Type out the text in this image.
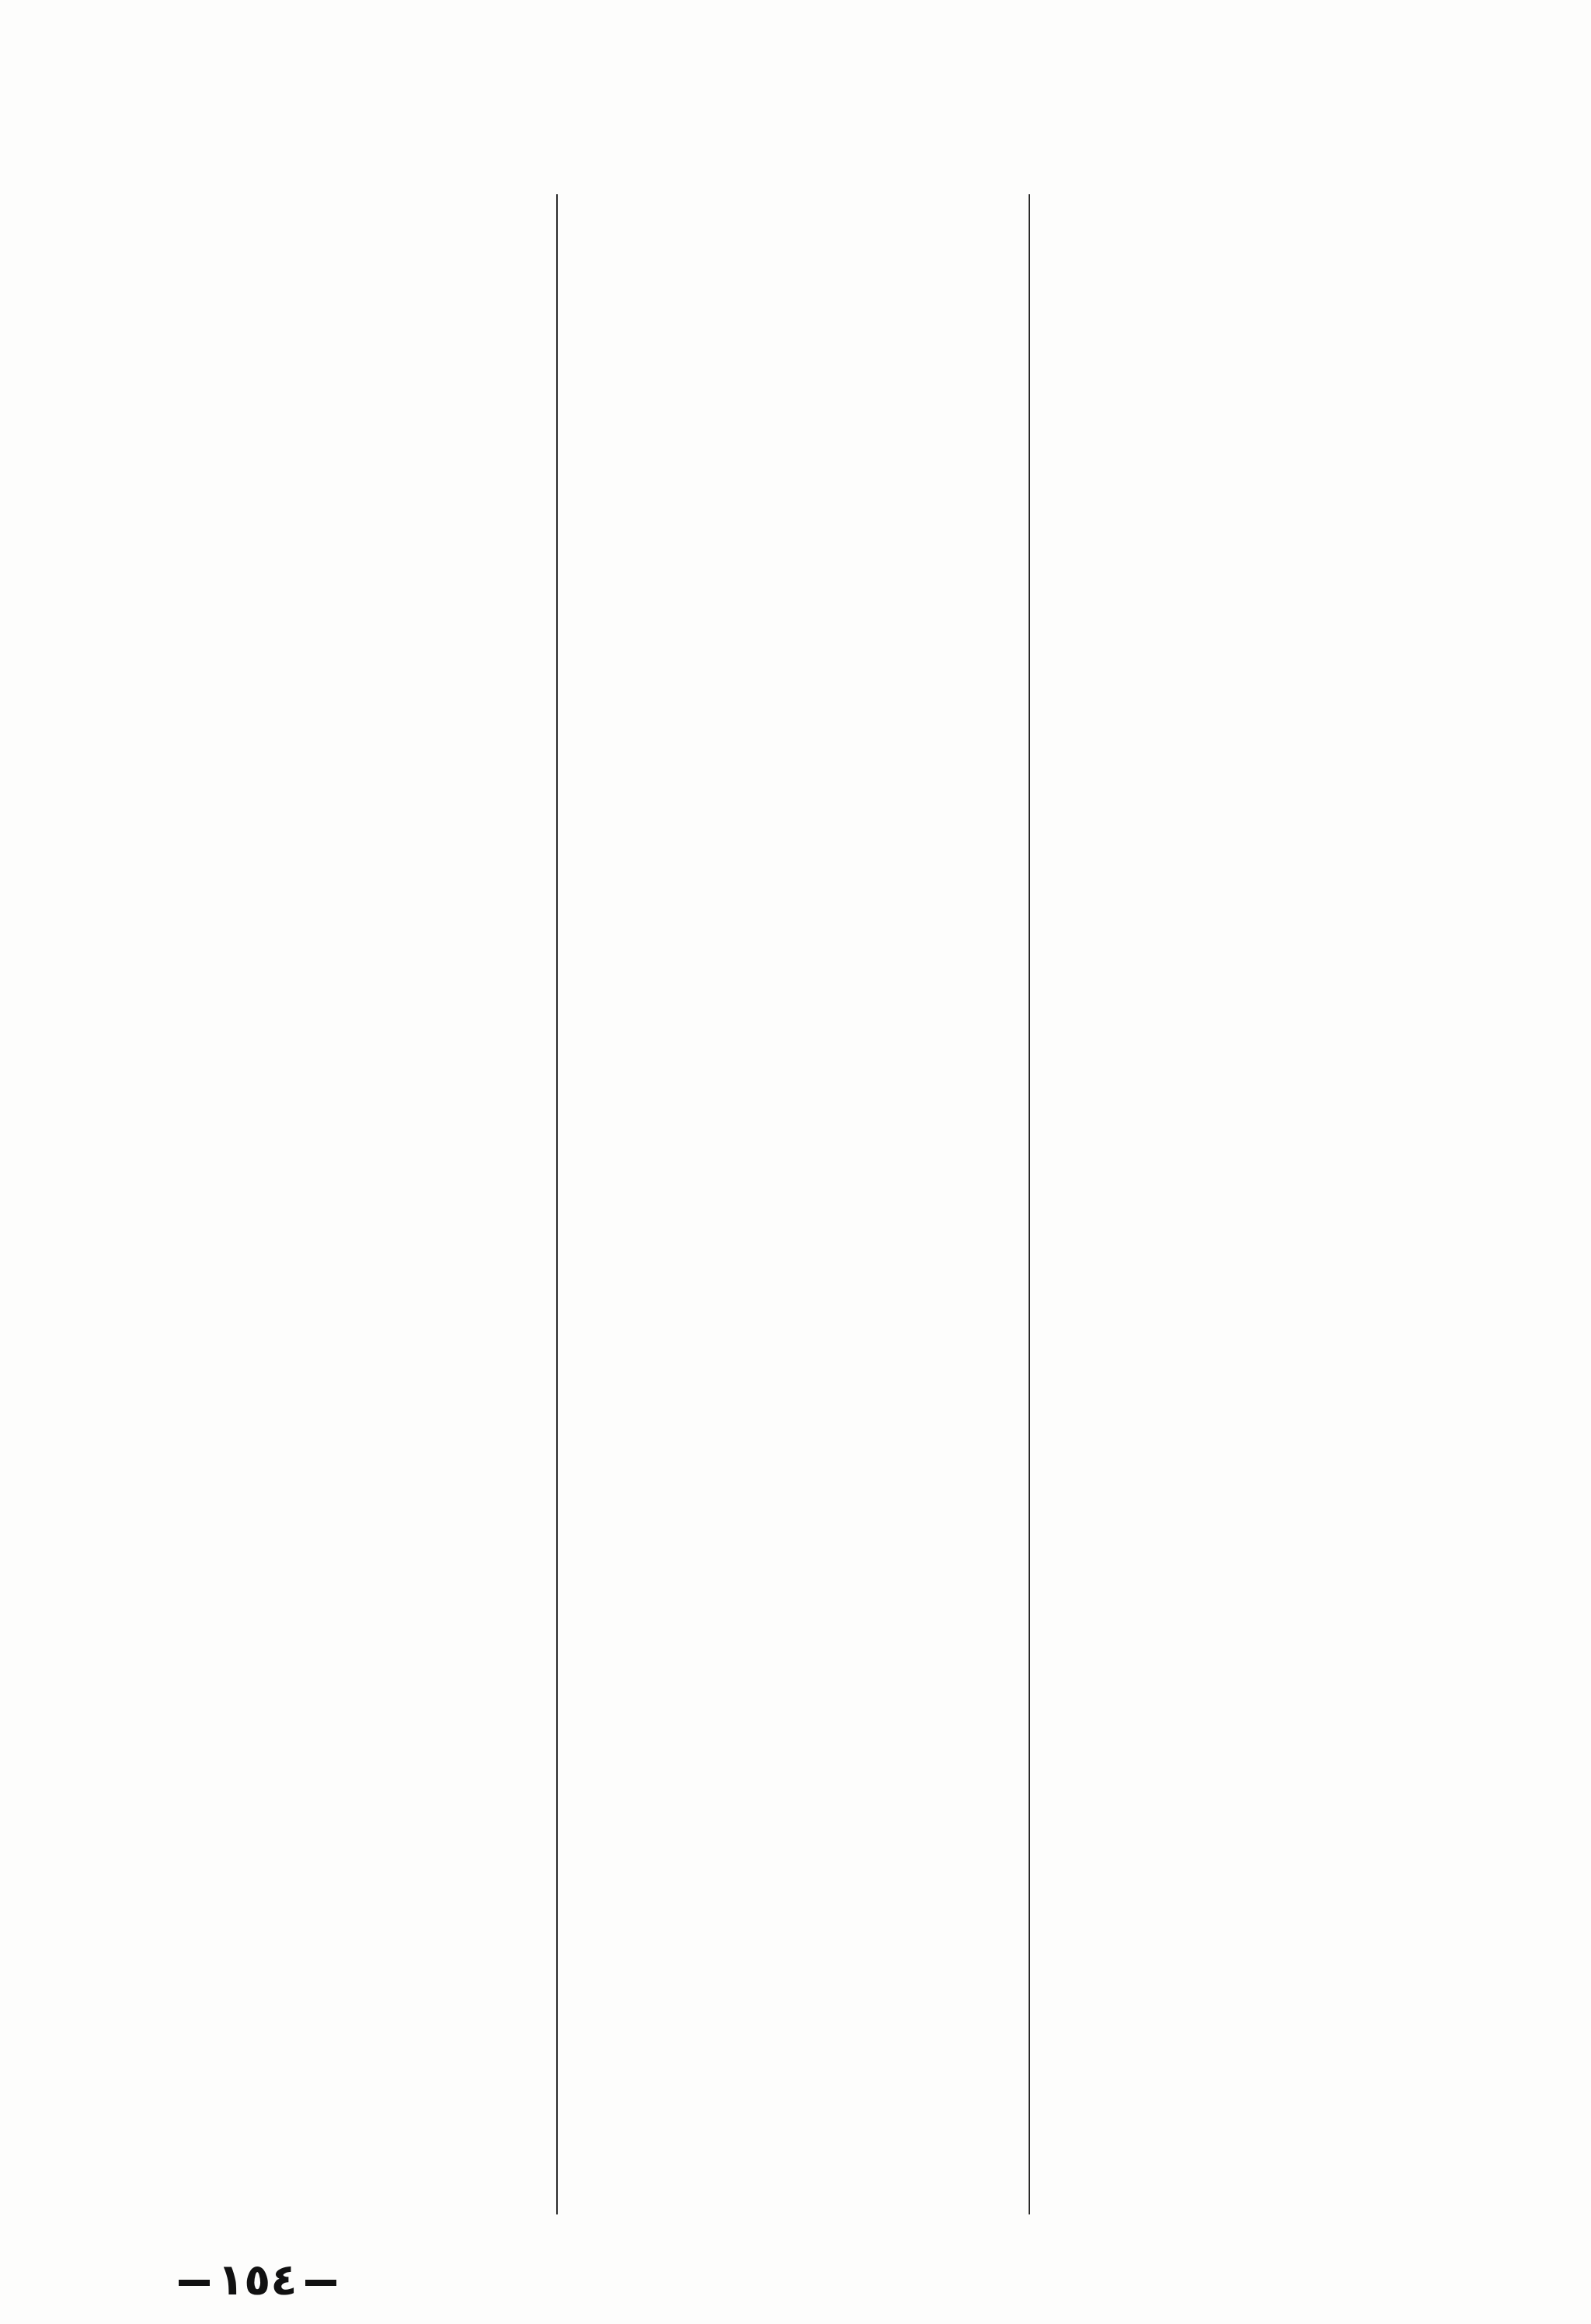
١٥٤
